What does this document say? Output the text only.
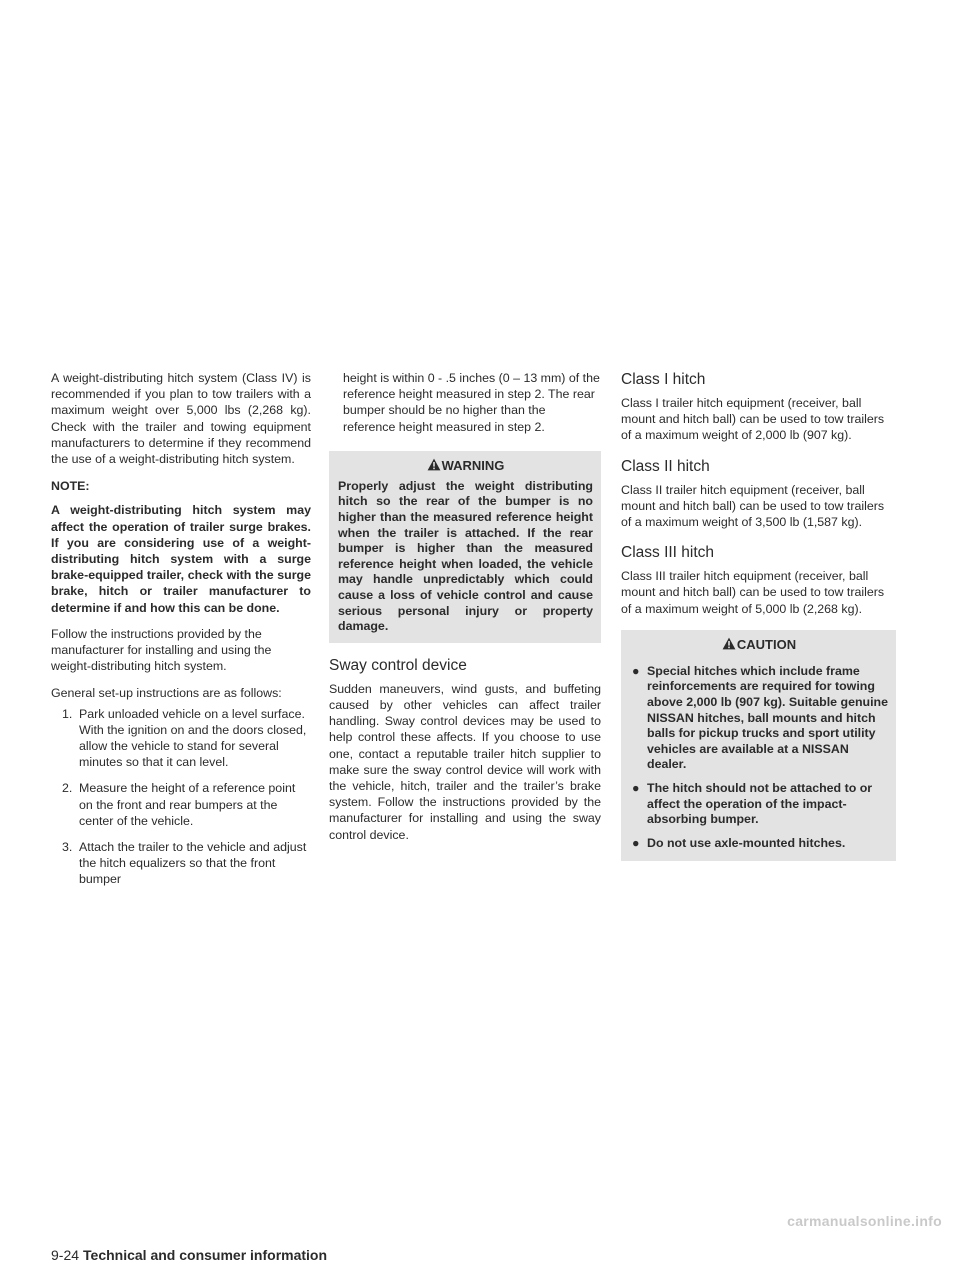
A weight-distributing hitch system (Class IV) is recommended if you plan to tow trailers with a maximum weight over 5,000 lbs (2,268 kg). Check with the trailer and towing equipment manufacturers to determine if they recommend the use of a weight-distributing hitch system.

NOTE:

A weight-distributing hitch system may affect the operation of trailer surge brakes. If you are considering use of a weight-distributing hitch system with a surge brake-equipped trailer, check with the surge brake, hitch or trailer manufacturer to determine if and how this can be done.

Follow the instructions provided by the manufacturer for installing and using the weight-distributing hitch system.

General set-up instructions are as follows:

1. Park unloaded vehicle on a level surface. With the ignition on and the doors closed, allow the vehicle to stand for several minutes so that it can level.
2. Measure the height of a reference point on the front and rear bumpers at the center of the vehicle.
3. Attach the trailer to the vehicle and adjust the hitch equalizers so that the front bumper
9-24 Technical and consumer information

height is within 0 - .5 inches (0 – 13 mm) of the reference height measured in step 2. The rear bumper should be no higher than the reference height measured in step 2.

WARNING
Properly adjust the weight distributing hitch so the rear of the bumper is no higher than the measured reference height when the trailer is attached. If the rear bumper is higher than the measured reference height when loaded, the vehicle may handle unpredictably which could cause a loss of vehicle control and cause serious personal injury or property damage.
Sway control device

Sudden maneuvers, wind gusts, and buffeting caused by other vehicles can affect trailer handling. Sway control devices may be used to help control these affects. If you choose to use one, contact a reputable trailer hitch supplier to make sure the sway control device will work with the vehicle, hitch, trailer and the trailer’s brake system. Follow the instructions provided by the manufacturer for installing and using the sway control device.

Class I hitch

Class I trailer hitch equipment (receiver, ball mount and hitch ball) can be used to tow trailers of a maximum weight of 2,000 lb (907 kg).

Class II hitch

Class II trailer hitch equipment (receiver, ball mount and hitch ball) can be used to tow trailers of a maximum weight of 3,500 lb (1,587 kg).

Class III hitch

Class III trailer hitch equipment (receiver, ball mount and hitch ball) can be used to tow trailers of a maximum weight of 5,000 lb (2,268 kg).

CAUTION
● Special hitches which include frame reinforcements are required for towing above 2,000 lb (907 kg). Suitable genuine NISSAN hitches, ball mounts and hitch balls for pickup trucks and sport utility vehicles are available at a NISSAN dealer.
● The hitch should not be attached to or affect the operation of the impact-absorbing bumper.
● Do not use axle-mounted hitches.
carmanualsonline.info
